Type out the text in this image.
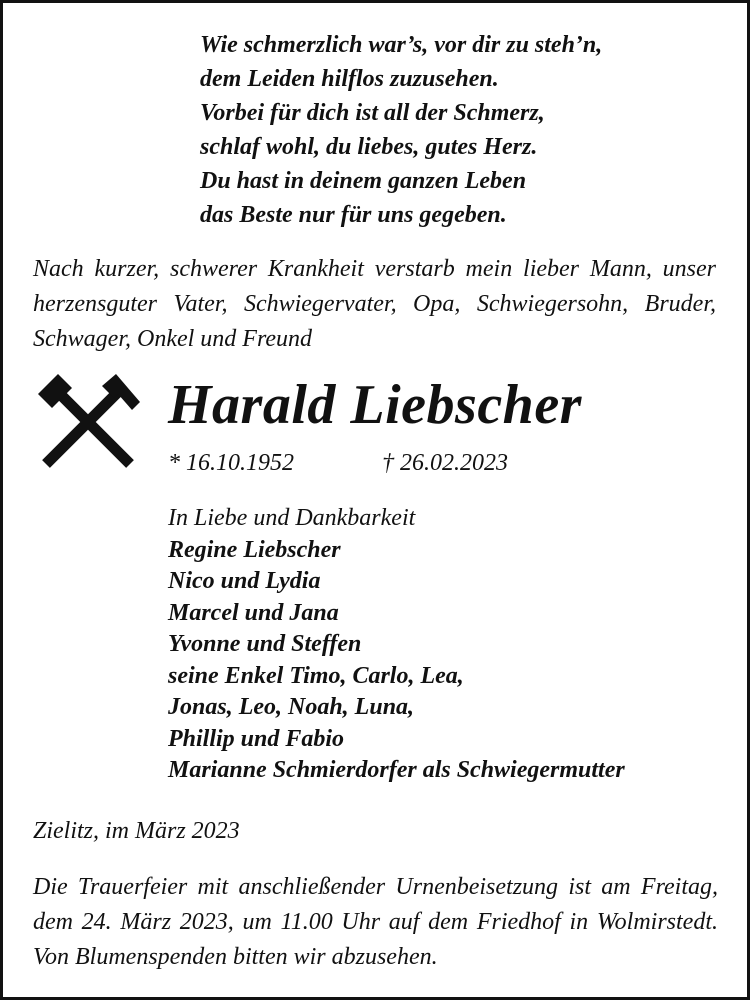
Wie schmerzlich war’s, vor dir zu steh’n,
dem Leiden hilflos zuzusehen.
Vorbei für dich ist all der Schmerz,
schlaf wohl, du liebes, gutes Herz.
Du hast in deinem ganzen Leben
das Beste nur für uns gegeben.
Nach kurzer, schwerer Krankheit verstarb mein lieber Mann, unser herzensguter Vater, Schwiegervater, Opa, Schwiegersohn, Bruder, Schwager, Onkel und Freund
Harald Liebscher
* 16.10.1952	† 26.02.2023
In Liebe und Dankbarkeit
Regine Liebscher
Nico und Lydia
Marcel und Jana
Yvonne und Steffen
seine Enkel Timo, Carlo, Lea,
Jonas, Leo, Noah, Luna,
Phillip und Fabio
Marianne Schmierdorfer als Schwiegermutter
Zielitz, im März 2023
Die Trauerfeier mit anschließender Urnenbeisetzung ist am Freitag, dem 24. März 2023, um 11.00 Uhr auf dem Friedhof in Wolmirstedt. Von Blumenspenden bitten wir abzusehen.
